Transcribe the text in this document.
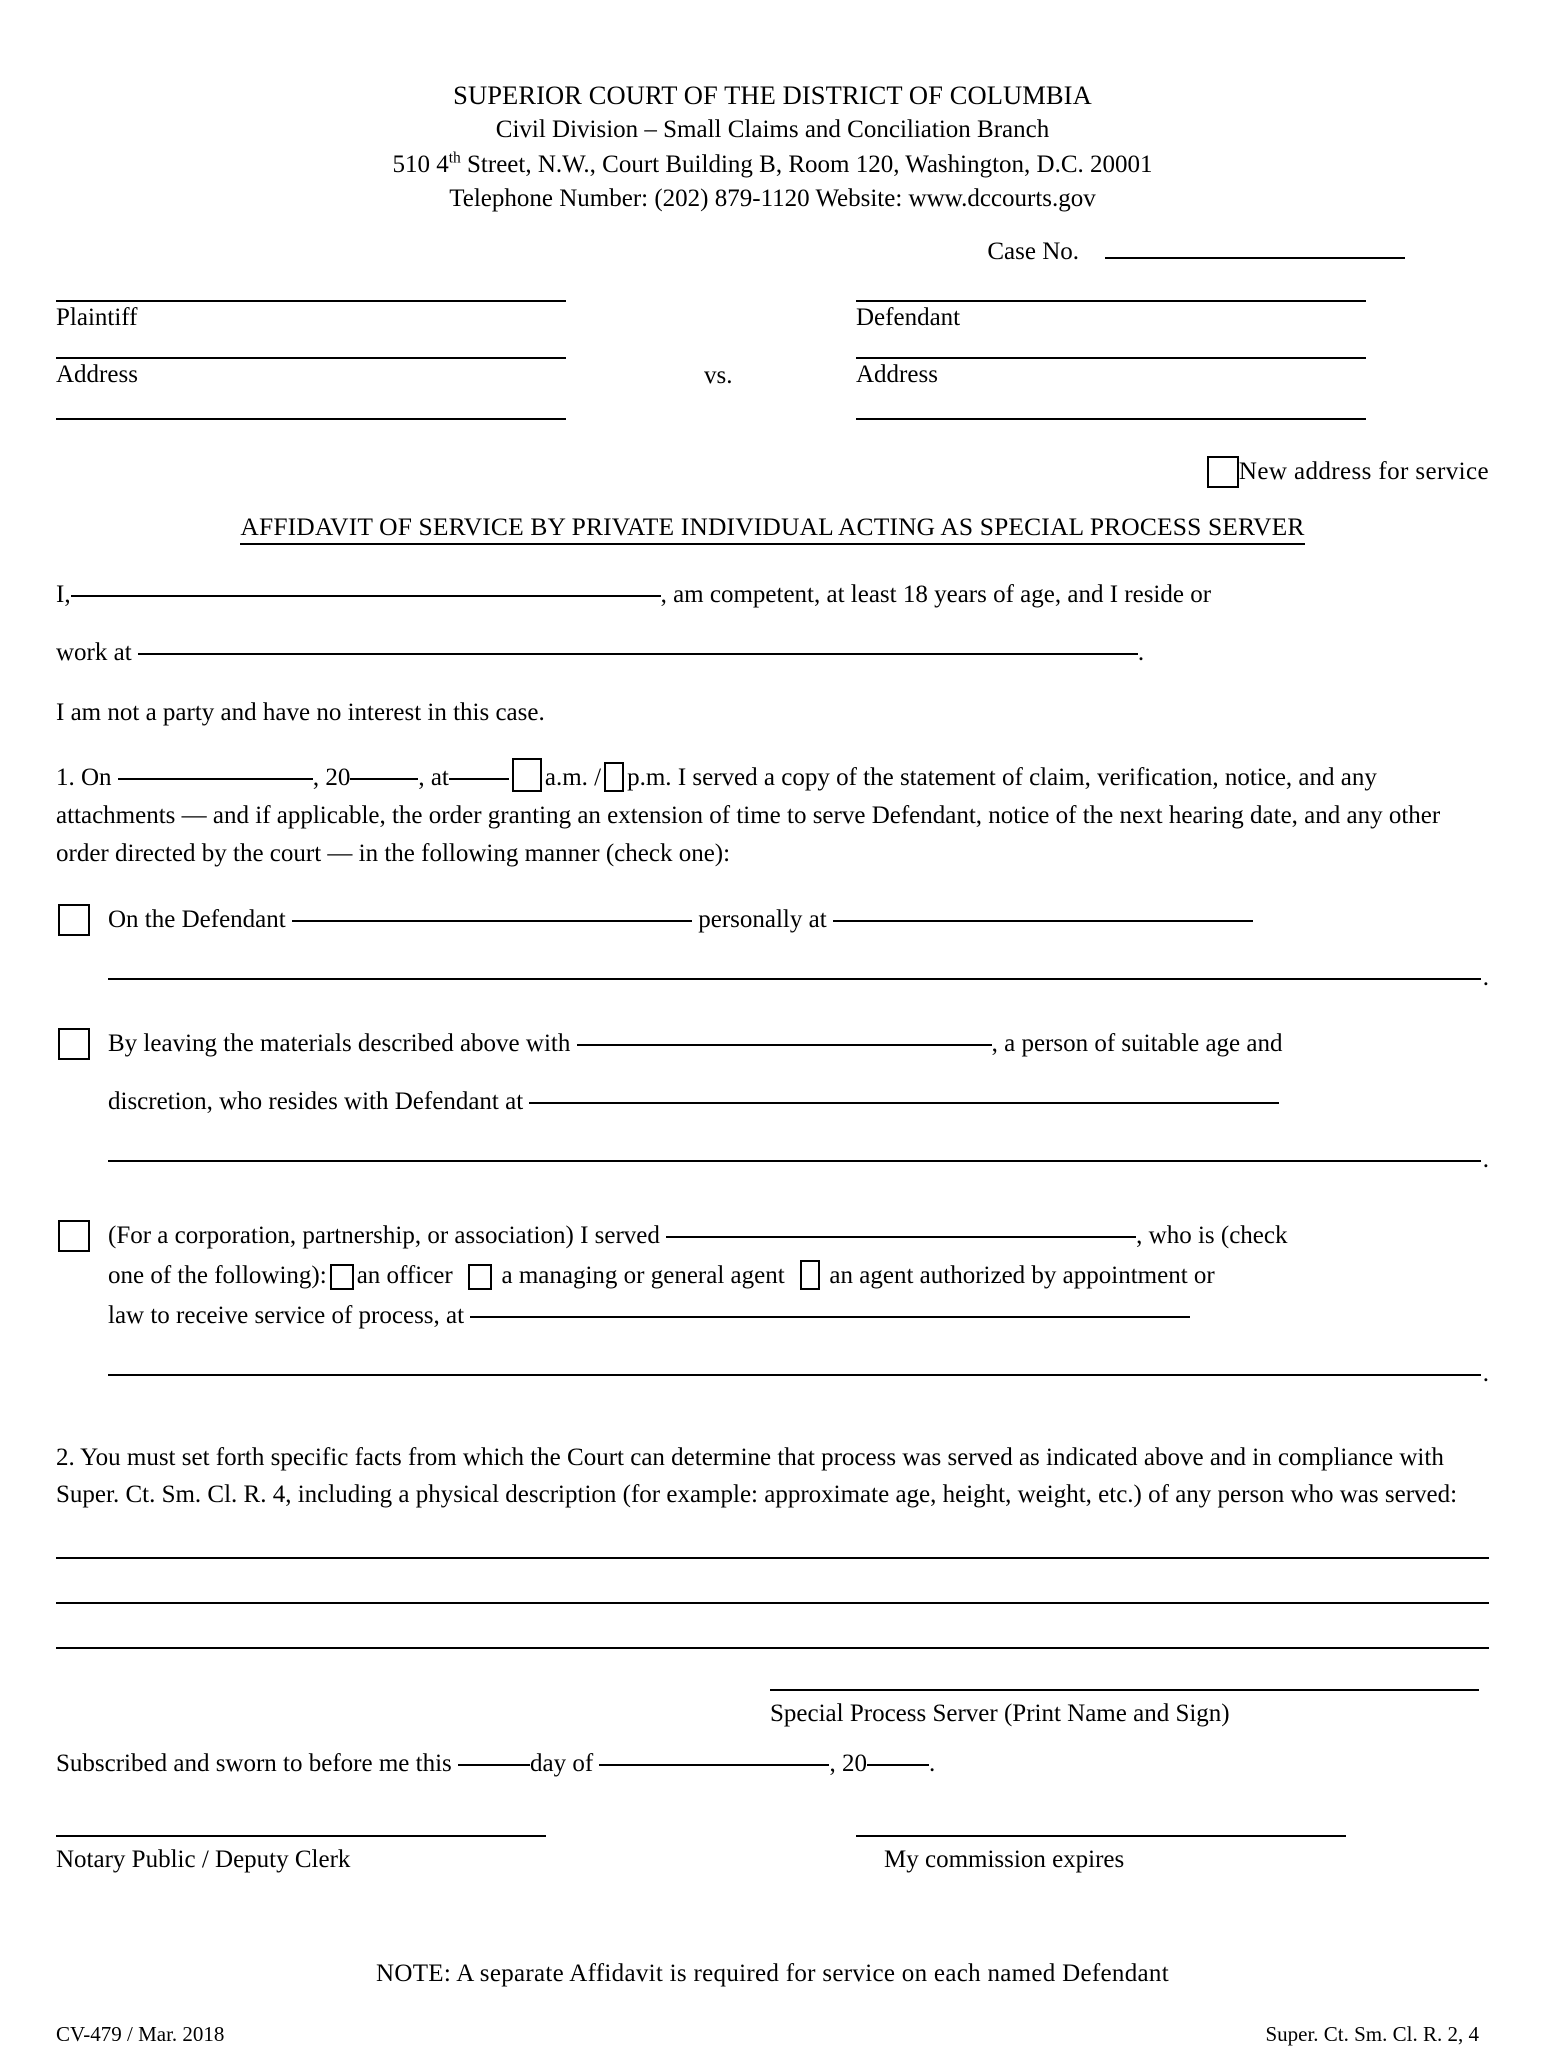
SUPERIOR COURT OF THE DISTRICT OF COLUMBIA
Civil Division – Small Claims and Conciliation Branch
510 4th Street, N.W., Court Building B, Room 120, Washington, D.C. 20001
Telephone Number: (202) 879-1120 Website: www.dccourts.gov
Case No.
Plaintiff
Address	vs.
Defendant
Address
New address for service
AFFIDAVIT OF SERVICE BY PRIVATE INDIVIDUAL ACTING AS SPECIAL PROCESS SERVER
I,	, am competent, at least 18 years of age, and I reside or
work at	.
I am not a party and have no interest in this case.
1. On	, 20	, at	a.m. / p.m. I served a copy of the statement of claim, verification, notice, and any attachments — and if applicable, the order granting an extension of time to serve Defendant, notice of the next hearing date, and any other order directed by the court — in the following manner (check one):
On the Defendant	personally at
.
By leaving the materials described above with	, a person of suitable age and
discretion, who resides with Defendant at
.
(For a corporation, partnership, or association) I served	, who is (check
one of the following): an officer a managing or general agent an agent authorized by appointment or
law to receive service of process, at
.
2. You must set forth specific facts from which the Court can determine that process was served as indicated above and in compliance with Super. Ct. Sm. Cl. R. 4, including a physical description (for example: approximate age, height, weight, etc.) of any person who was served:
Special Process Server (Print Name and Sign)
Subscribed and sworn to before me this	day of	, 20 .
Notary Public / Deputy Clerk	My commission expires
NOTE: A separate Affidavit is required for service on each named Defendant
CV-479 / Mar. 2018	Super. Ct. Sm. Cl. R. 2, 4
